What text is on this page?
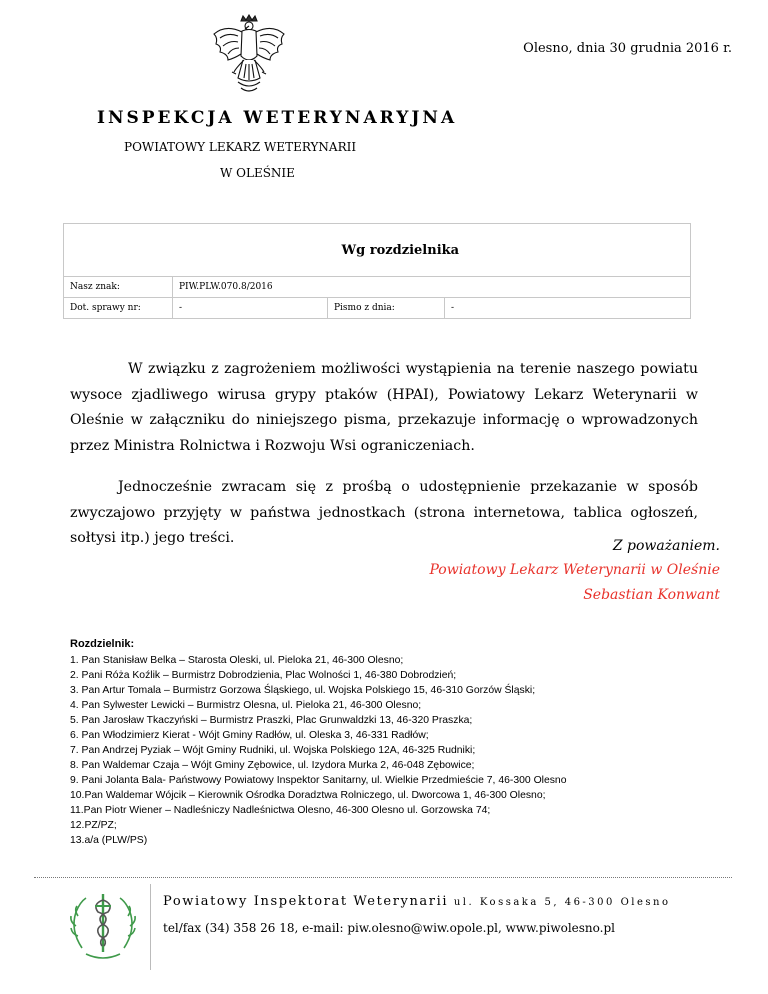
Olesno, dnia 30 grudnia 2016 r.
INSPEKCJA WETERYNARYJNA
POWIATOWY LEKARZ WETERYNARII
W OLEŚNIE
		Wg rozdzielnika	
Nasz znak:	PIW.PLW.070.8/2016		
Dot. sprawy nr:	-	Pismo z dnia:	-

W związku z zagrożeniem możliwości wystąpienia na terenie naszego powiatu wysoce zjadliwego wirusa grypy ptaków (HPAI), Powiatowy Lekarz Weterynarii w Oleśnie w załączniku do niniejszego pisma, przekazuje informację o wprowadzonych przez Ministra Rolnictwa i Rozwoju Wsi ograniczeniach.

Jednocześnie zwracam się z prośbą o udostępnienie przekazanie w sposób zwyczajowo przyjęty w państwa jednostkach (strona internetowa, tablica ogłoszeń, sołtysi itp.) jego treści.	Z poważaniem.
Powiatowy Lekarz Weterynarii w Oleśnie
Sebastian Konwant
Rozdzielnik:
1. Pan Stanisław Belka – Starosta Oleski, ul. Pieloka 21, 46-300 Olesno;
2. Pani Róża Koźlik – Burmistrz Dobrodzienia, Plac Wolności 1, 46-380 Dobrodzień;
3. Pan Artur Tomala – Burmistrz Gorzowa Śląskiego, ul. Wojska Polskiego 15, 46-310 Gorzów Śląski;
4. Pan Sylwester Lewicki – Burmistrz Olesna, ul. Pieloka 21, 46-300 Olesno;
5. Pan Jarosław Tkaczyński – Burmistrz Praszki, Plac Grunwaldzki 13, 46-320 Praszka;
6. Pan Włodzimierz Kierat - Wójt Gminy Radłów, ul. Oleska 3, 46-331 Radłów;
7. Pan Andrzej Pyziak – Wójt Gminy Rudniki, ul. Wojska Polskiego 12A, 46-325 Rudniki;
8. Pan Waldemar Czaja – Wójt Gminy Zębowice, ul. Izydora Murka 2, 46-048 Zębowice;
9. Pani Jolanta Bala- Państwowy Powiatowy Inspektor Sanitarny, ul. Wielkie Przedmieście 7, 46-300 Olesno
10.Pan Waldemar Wójcik – Kierownik Ośrodka Doradztwa Rolniczego, ul. Dworcowa 1, 46-300 Olesno;
11.Pan Piotr Wiener – Nadleśniczy Nadleśnictwa Olesno, 46-300 Olesno ul. Gorzowska 74;
12.PZ/PZ;
13.a/a (PLW/PS)
Powiatowy Inspektorat Weterynarii ul. Kossaka 5, 46-300 Olesno
tel/fax (34) 358 26 18, e-mail: piw.olesno@wiw.opole.pl, www.piwolesno.pl
